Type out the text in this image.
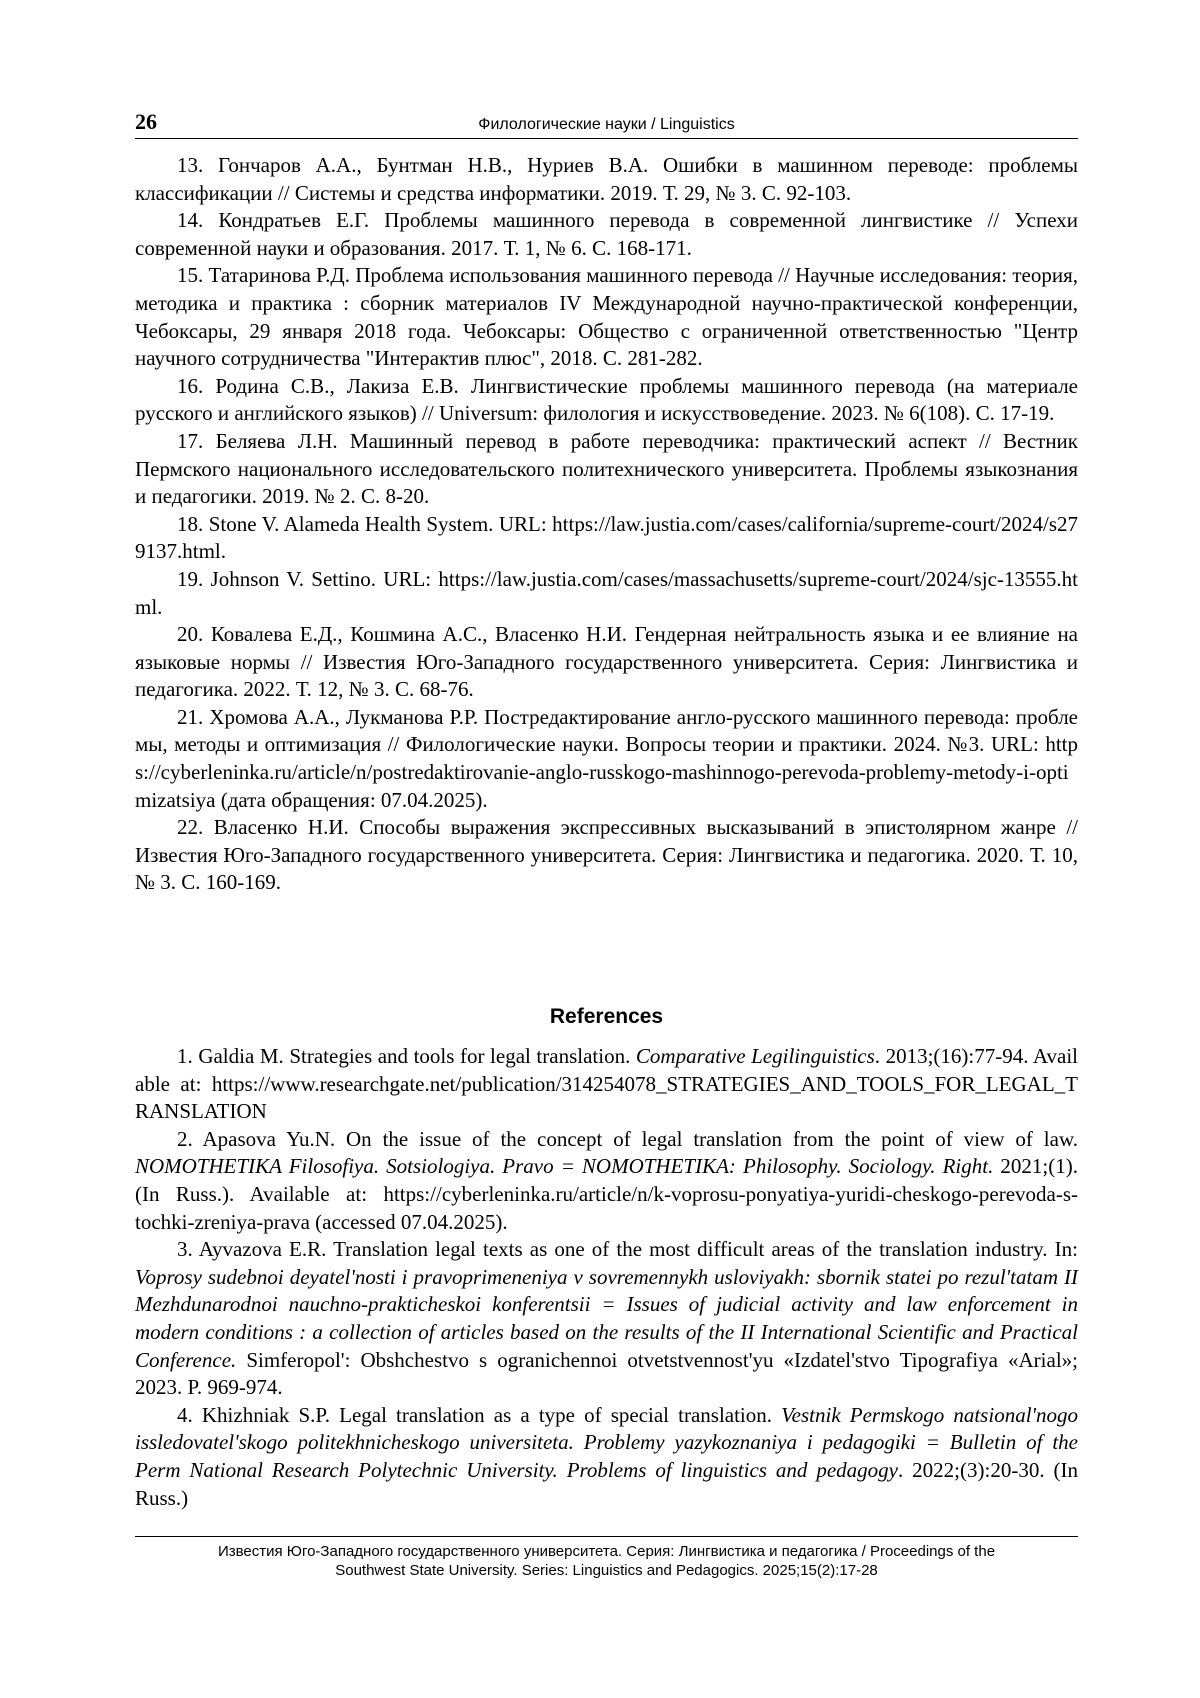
26	Филологические науки / Linguistics

13. Гончаров А.А., Бунтман Н.В., Нуриев В.А. Ошибки в машинном переводе: проблемы классификации // Системы и средства информатики. 2019. Т. 29, № 3. С. 92-103.

14. Кондратьев Е.Г. Проблемы машинного перевода в современной лингвистике // Успехи современной науки и образования. 2017. Т. 1, № 6. С. 168-171.

15. Татаринова Р.Д. Проблема использования машинного перевода // Научные исследования: теория, методика и практика : сборник материалов IV Международной научно-практической конференции, Чебоксары, 29 января 2018 года. Чебоксары: Общество с ограниченной ответственностью "Центр научного сотрудничества "Интерактив плюс", 2018. С. 281-282.

16. Родина С.В., Лакиза Е.В. Лингвистические проблемы машинного перевода (на материале русского и английского языков) // Universum: филология и искусствоведение. 2023. № 6(108). С. 17-19.

17. Беляева Л.Н. Машинный перевод в работе переводчика: практический аспект // Вестник Пермского национального исследовательского политехнического университета. Проблемы языкознания и педагогики. 2019. № 2. С. 8-20.

18. Stone V. Alameda Health System. URL: https://law.justia.com/cases/california/supreme-court/2024/s279137.html.

19. Johnson V. Settino. URL: https://law.justia.com/cases/massachusetts/supreme-court/2024/sjc-13555.html.

20. Ковалева Е.Д., Кошмина А.С., Власенко Н.И. Гендерная нейтральность языка и ее влияние на языковые нормы // Известия Юго-Западного государственного университета. Серия: Лингвистика и педагогика. 2022. Т. 12, № 3. С. 68-76.

21. Хромова А.А., Лукманова Р.Р. Постредактирование англо-русского машинного перевода: проблемы, методы и оптимизация // Филологические науки. Вопросы теории и практики. 2024. №3. URL: https://cyberleninka.ru/article/n/postredaktirovanie-anglo-russkogo-mashinnogo-perevoda-problemy-metody-i-optimizatsiya (дата обращения: 07.04.2025).

22. Власенко Н.И. Способы выражения экспрессивных высказываний в эпистолярном жанре // Известия Юго-Западного государственного университета. Серия: Лингвистика и педагогика. 2020. Т. 10, № 3. С. 160-169.

References

1. Galdia M. Strategies and tools for legal translation. Comparative Legilinguistics. 2013;(16):77-94. Available at: https://www.researchgate.net/publication/314254078_STRATEGIES_AND_TOOLS_FOR_LEGAL_TRANSLATION

2. Apasova Yu.N. On the issue of the concept of legal translation from the point of view of law. NOMOTHETIKA Filosofiya. Sotsiologiya. Pravo = NOMOTHETIKA: Philosophy. Sociology. Right. 2021;(1). (In Russ.). Available at: https://cyberleninka.ru/article/n/k-voprosu-ponyatiya-yuridi-cheskogo-perevoda-s-tochki-zreniya-prava (accessed 07.04.2025).

3. Ayvazova E.R. Translation legal texts as one of the most difficult areas of the translation industry. In: Voprosy sudebnoi deyatel'nosti i pravoprimeneniya v sovremennykh usloviyakh: sbornik statei po rezul'tatam II Mezhdunarodnoi nauchno-prakticheskoi konferentsii = Issues of judicial activity and law enforcement in modern conditions : a collection of articles based on the results of the II International Scientific and Practical Conference. Simferopol': Obshchestvo s ogranichennoi otvetstvennost'yu «Izdatel'stvo Tipografiya «Arial»; 2023. P. 969-974.

4. Khizhniak S.P. Legal translation as a type of special translation. Vestnik Permskogo natsional'nogo issledovatel'skogo politekhnicheskogo universiteta. Problemy yazykoznaniya i pedagogiki = Bulletin of the Perm National Research Polytechnic University. Problems of linguistics and pedagogy. 2022;(3):20-30. (In Russ.)

Известия Юго-Западного государственного университета. Серия: Лингвистика и педагогика / Proceedings of the
Southwest State University. Series: Linguistics and Pedagogics. 2025;15(2):17-28
